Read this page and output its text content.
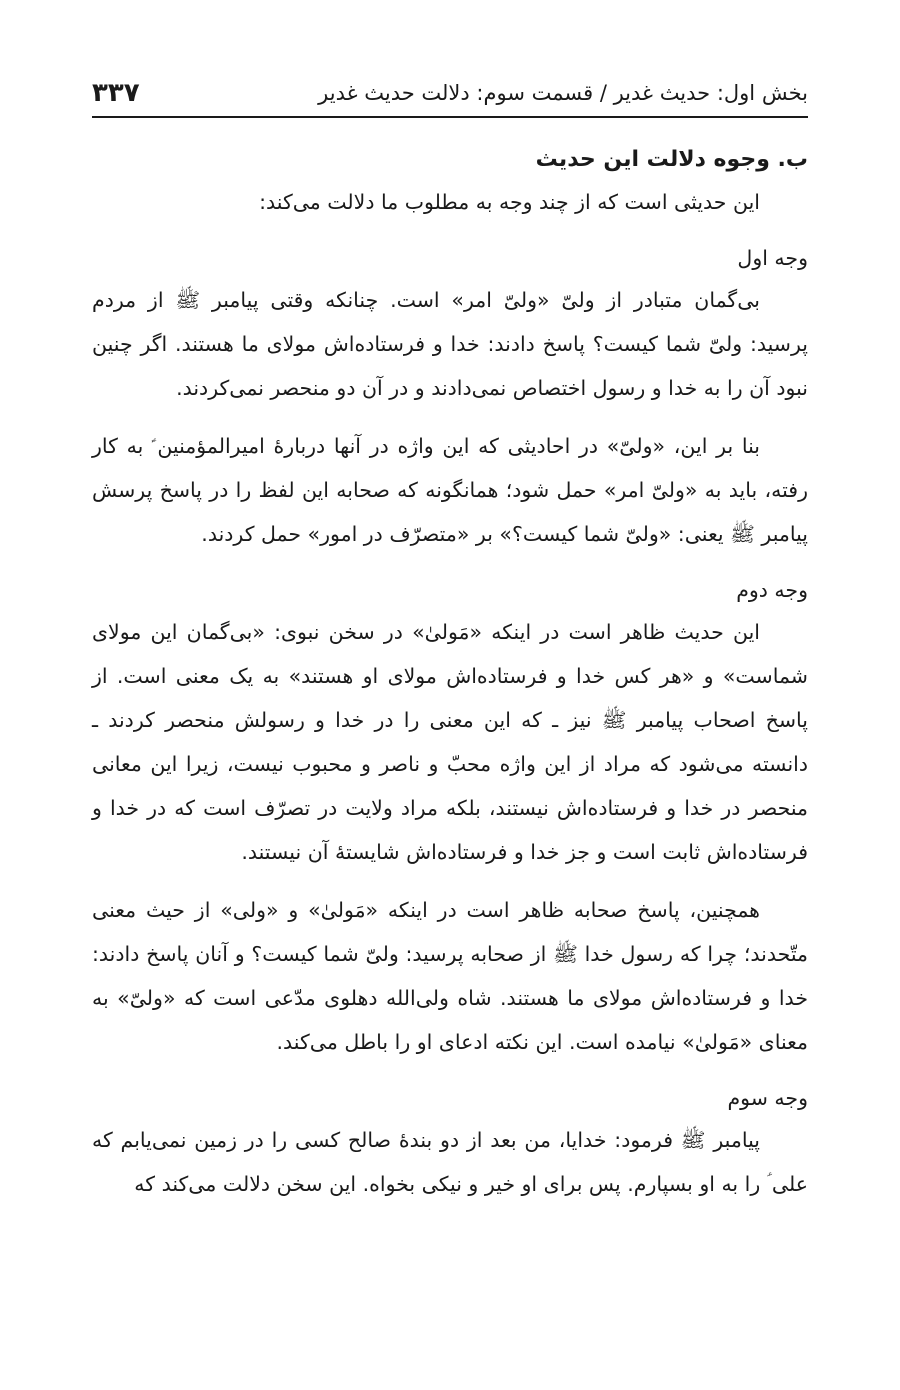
۳۳۷	بخش اول: حدیث غدیر / قسمت سوم: دلالت حدیث غدیر

ب. وجوه دلالت این حدیث

این حدیثی است که از چند وجه به مطلوب ما دلالت می‌کند:

وجه اول

بی‌گمان متبادر از ولیّ «ولیّ امر» است. چنانکه وقتی پیامبر ﷺ از مردم پرسید: ولیّ شما کیست؟ پاسخ دادند: خدا و فرستاده‌اش مولای ما هستند. اگر چنین نبود آن را به خدا و رسول اختصاص نمی‌دادند و در آن دو منحصر نمی‌کردند.

بنا بر این، «ولیّ» در احادیثی که این واژه در آنها دربارهٔ امیرالمؤمنین ؑ به کار رفته، باید به «ولیّ امر» حمل شود؛ همانگونه که صحابه این لفظ را در پاسخ پرسش پیامبر ﷺ یعنی: «ولیّ شما کیست؟» بر «متصرّف در امور» حمل کردند.

وجه دوم

این حدیث ظاهر است در اینکه «مَولیٰ» در سخن نبوی: «بی‌گمان این مولای شماست» و «هر کس خدا و فرستاده‌اش مولای او هستند» به یک معنی است. از پاسخ اصحاب پیامبر ﷺ نیز ـ که این معنی را در خدا و رسولش منحصر کردند ـ دانسته می‌شود که مراد از این واژه محبّ و ناصر و محبوب نیست، زیرا این معانی منحصر در خدا و فرستاده‌اش نیستند، بلکه مراد ولایت در تصرّف است که در خدا و فرستاده‌اش ثابت است و جز خدا و فرستاده‌اش شایستهٔ آن نیستند.

همچنین، پاسخ صحابه ظاهر است در اینکه «مَولیٰ» و «ولی» از حیث معنی متّحدند؛ چرا که رسول خدا ﷺ از صحابه پرسید: ولیّ شما کیست؟ و آنان پاسخ دادند: خدا و فرستاده‌اش مولای ما هستند. شاه ولی‌الله دهلوی مدّعی است که «ولیّ» به معنای «مَولیٰ» نیامده است. این نکته ادعای او را باطل می‌کند.

وجه سوم

پیامبر ﷺ فرمود: خدایا، من بعد از دو بندهٔ صالح کسی را در زمین نمی‌یابم که علی ؑ را به او بسپارم. پس برای او خیر و نیکی بخواه. این سخن دلالت می‌کند که
